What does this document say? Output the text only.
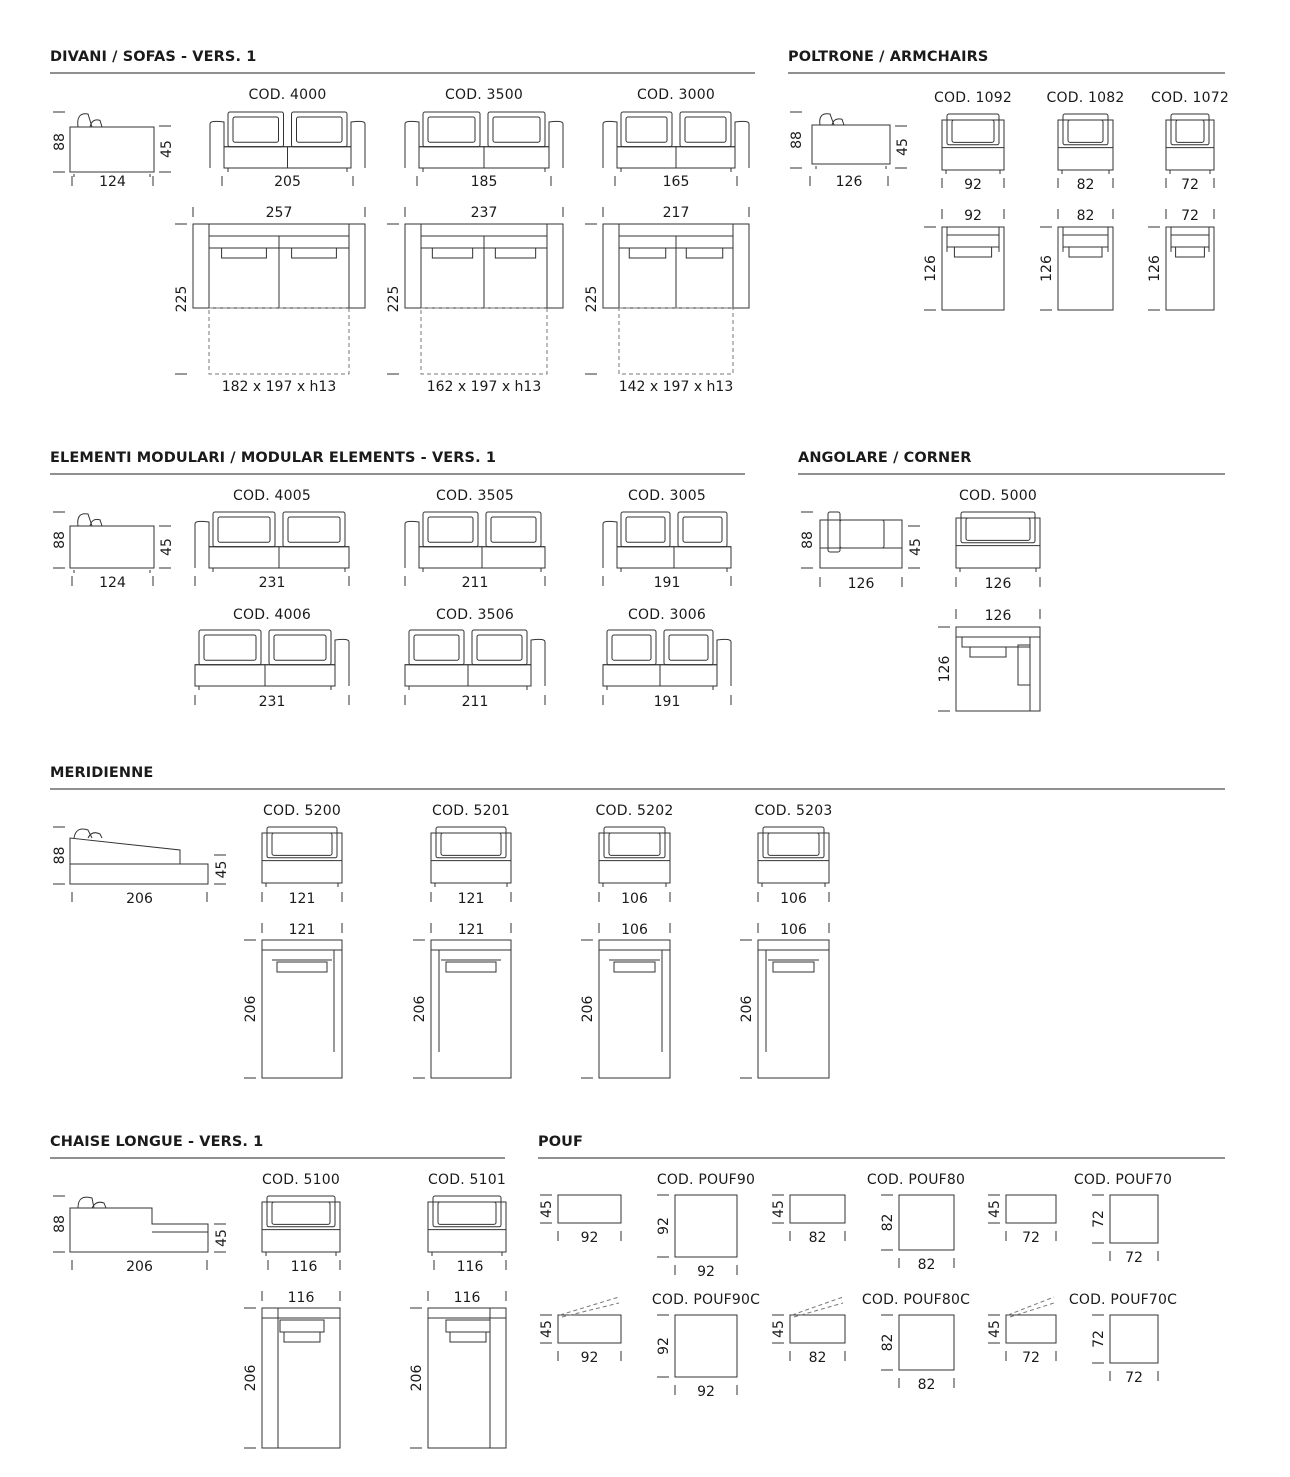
DIVANI / SOFAS - VERS. 1	POLTRONE / ARMCHAIRS
ELEMENTI MODULARI / MODULAR ELEMENTS - VERS. 1	ANGOLARE / CORNER
MERIDIENNE
CHAISE LONGUE - VERS. 1	POUF
88	45
124
COD. 4000
205
257
225
182 x 197 x h13
COD. 3500
185
237
225
162 x 197 x h13
COD. 3000
165
217
225
142 x 197 x h13
88	45
126
COD. 1092
92
92
126
COD. 1082
82
82
126
COD. 1072
72
72
126
88	45
124
COD. 4005
231
COD. 4006
231
COD. 3505
211
COD. 3506
211
COD. 3005
191
COD. 3006
191
88	45
126
COD. 5000
126
126
126
88
45
206
COD. 5200
121
121
206
COD. 5201
121
121
206
COD. 5202
106
106
206
COD. 5203
106
106
206
88
45
206
COD. 5100
116
116
206
COD. 5101
116
116
206
COD. POUF90
45
92
92
92
COD. POUF80
45
82
82
82
COD. POUF70
45
72
72
72
COD. POUF90C
45
92
92
92
COD. POUF80C
45
82
82
82
COD. POUF70C
45
72
72
72
